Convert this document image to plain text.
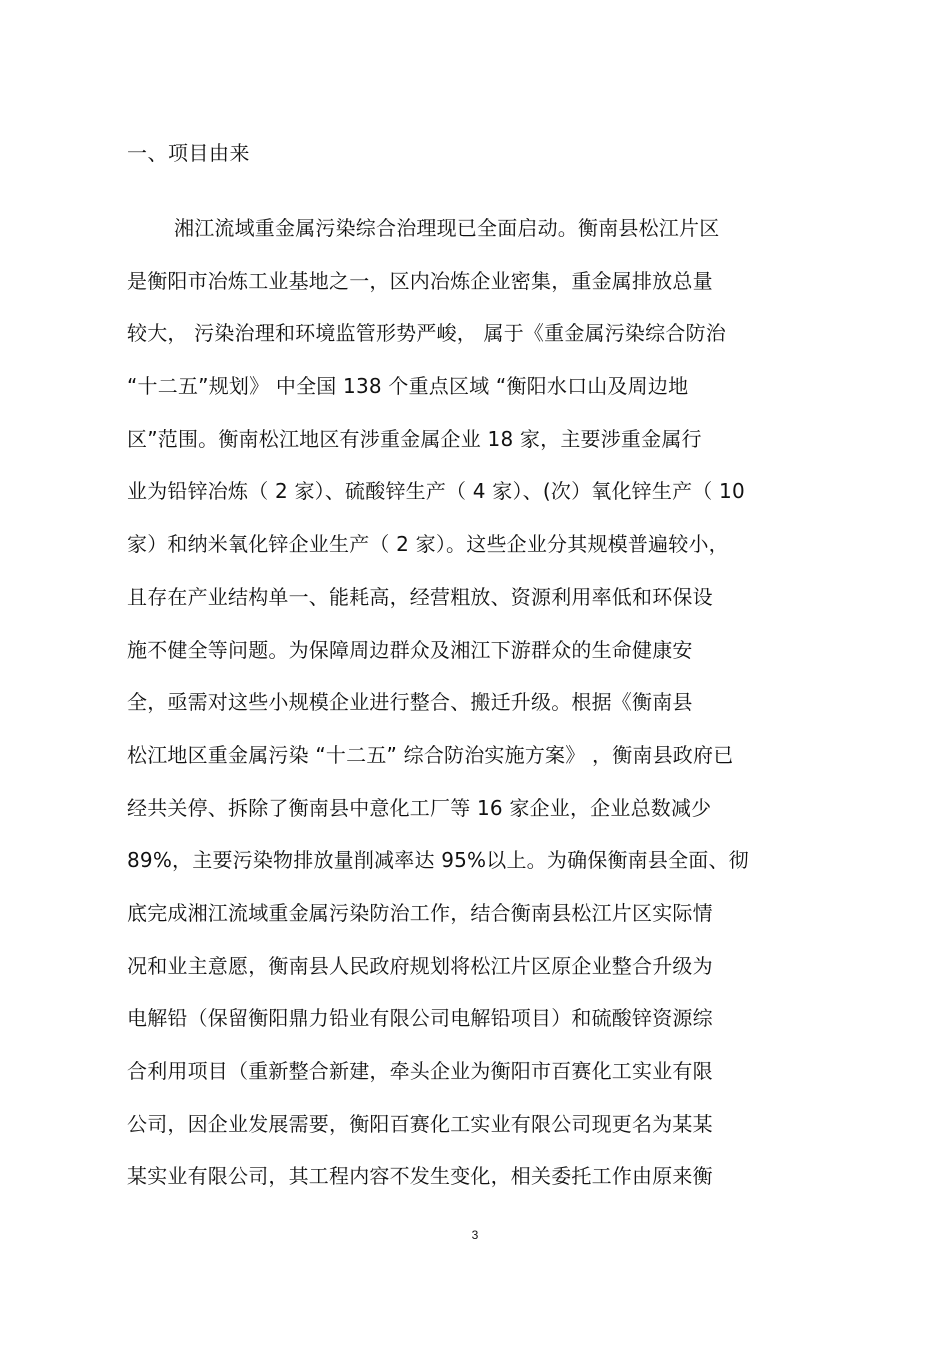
一、项目由来
湘江流域重金属污染综合治理现已全面启动。衡南县松江片区
是衡阳市冶炼工业基地之一，区内冶炼企业密集，重金属排放总量
较大， 污染治理和环境监管形势严峻， 属于《重金属污染综合防治
“十二五”规划》 中全国 138 个重点区域 “衡阳水口山及周边地
区”范围。衡南松江地区有涉重金属企业 18 家，主要涉重金属行
业为铅锌冶炼（ 2 家）、硫酸锌生产（ 4 家）、(次）氧化锌生产（ 10
家）和纳米氧化锌企业生产（ 2 家）。这些企业分其规模普遍较小，
且存在产业结构单一、能耗高，经营粗放、资源利用率低和环保设
施不健全等问题。为保障周边群众及湘江下游群众的生命健康安
全，亟需对这些小规模企业进行整合、搬迁升级。根据《衡南县
松江地区重金属污染 “十二五” 综合防治实施方案》 ，衡南县政府已
经共关停、拆除了衡南县中意化工厂等 16 家企业，企业总数减少
89%，主要污染物排放量削减率达 95%以上。为确保衡南县全面、彻
底完成湘江流域重金属污染防治工作，结合衡南县松江片区实际情
况和业主意愿，衡南县人民政府规划将松江片区原企业整合升级为
电解铅（保留衡阳鼎力铅业有限公司电解铅项目）和硫酸锌资源综
合利用项目（重新整合新建，牵头企业为衡阳市百赛化工实业有限
公司，因企业发展需要，衡阳百赛化工实业有限公司现更名为某某
某实业有限公司，其工程内容不发生变化，相关委托工作由原来衡
3
